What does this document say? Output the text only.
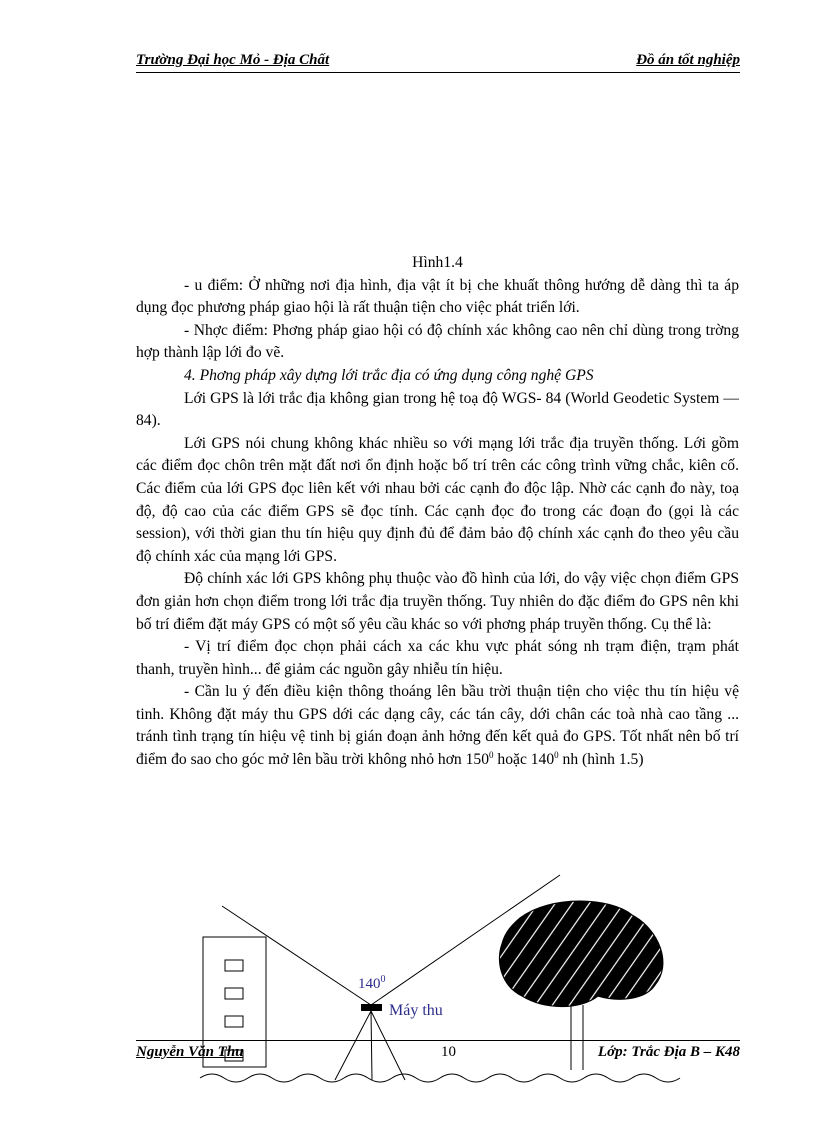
Trường Đại học Mỏ - Địa Chất	Đồ án tốt nghiệp

Hình1.4

- u điểm: Ở những nơi địa hình, địa vật ít bị che khuất thông hướng dễ dàng thì ta áp dụng đọc phương pháp giao hội là rất thuận tiện cho việc phát triển lới.

- Nhợc điểm: Phơng pháp giao hội có độ chính xác không cao nên chỉ dùng trong trờng hợp thành lập lới đo vẽ.

4. Phơng pháp xây dựng lới trắc địa có ứng dụng công nghệ GPS

Lới GPS là lới trắc địa không gian trong hệ toạ độ WGS- 84 (World Geodetic System — 84).

Lới GPS nói chung không khác nhiều so với mạng lới trắc địa truyền thống. Lới gồm các điểm đọc chôn trên mặt đất nơi ổn định hoặc bố trí trên các công trình vững chắc, kiên cố. Các điểm của lới GPS đọc liên kết với nhau bởi các cạnh đo độc lập. Nhờ các cạnh đo này, toạ độ, độ cao của các điểm GPS sẽ đọc tính. Các cạnh đọc đo trong các đoạn đo (gọi là các session), với thời gian thu tín hiệu quy định đủ để đảm bảo độ chính xác cạnh đo theo yêu cầu độ chính xác của mạng lới GPS.

Độ chính xác lới GPS không phụ thuộc vào đồ hình của lới, do vậy việc chọn điểm GPS đơn giản hơn chọn điểm trong lới trắc địa truyền thống. Tuy nhiên do đặc điểm đo GPS nên khi bố trí điểm đặt máy GPS có một số yêu cầu khác so với phơng pháp truyền thống. Cụ thể là:

- Vị trí điểm đọc chọn phải cách xa các khu vực phát sóng nh trạm điện, trạm phát thanh, truyền hình... để giảm các nguồn gây nhiễu tín hiệu.

- Cần lu ý đến điều kiện thông thoáng lên bầu trời thuận tiện cho việc thu tín hiệu vệ tinh. Không đặt máy thu GPS dới các dạng cây, các tán cây, dới chân các toà nhà cao tầng ... tránh tình trạng tín hiệu vệ tinh bị gián đoạn ảnh hởng đến kết quả đo GPS. Tốt nhất nên bố trí điểm đo sao cho góc mở lên bầu trời không nhỏ hơn $150^0$ hoặc $140^0$ nh (hình 1.5)

$140^0$
Máy thu
Nguyễn Văn Thu	10	Lớp: Trắc Địa B – K48
